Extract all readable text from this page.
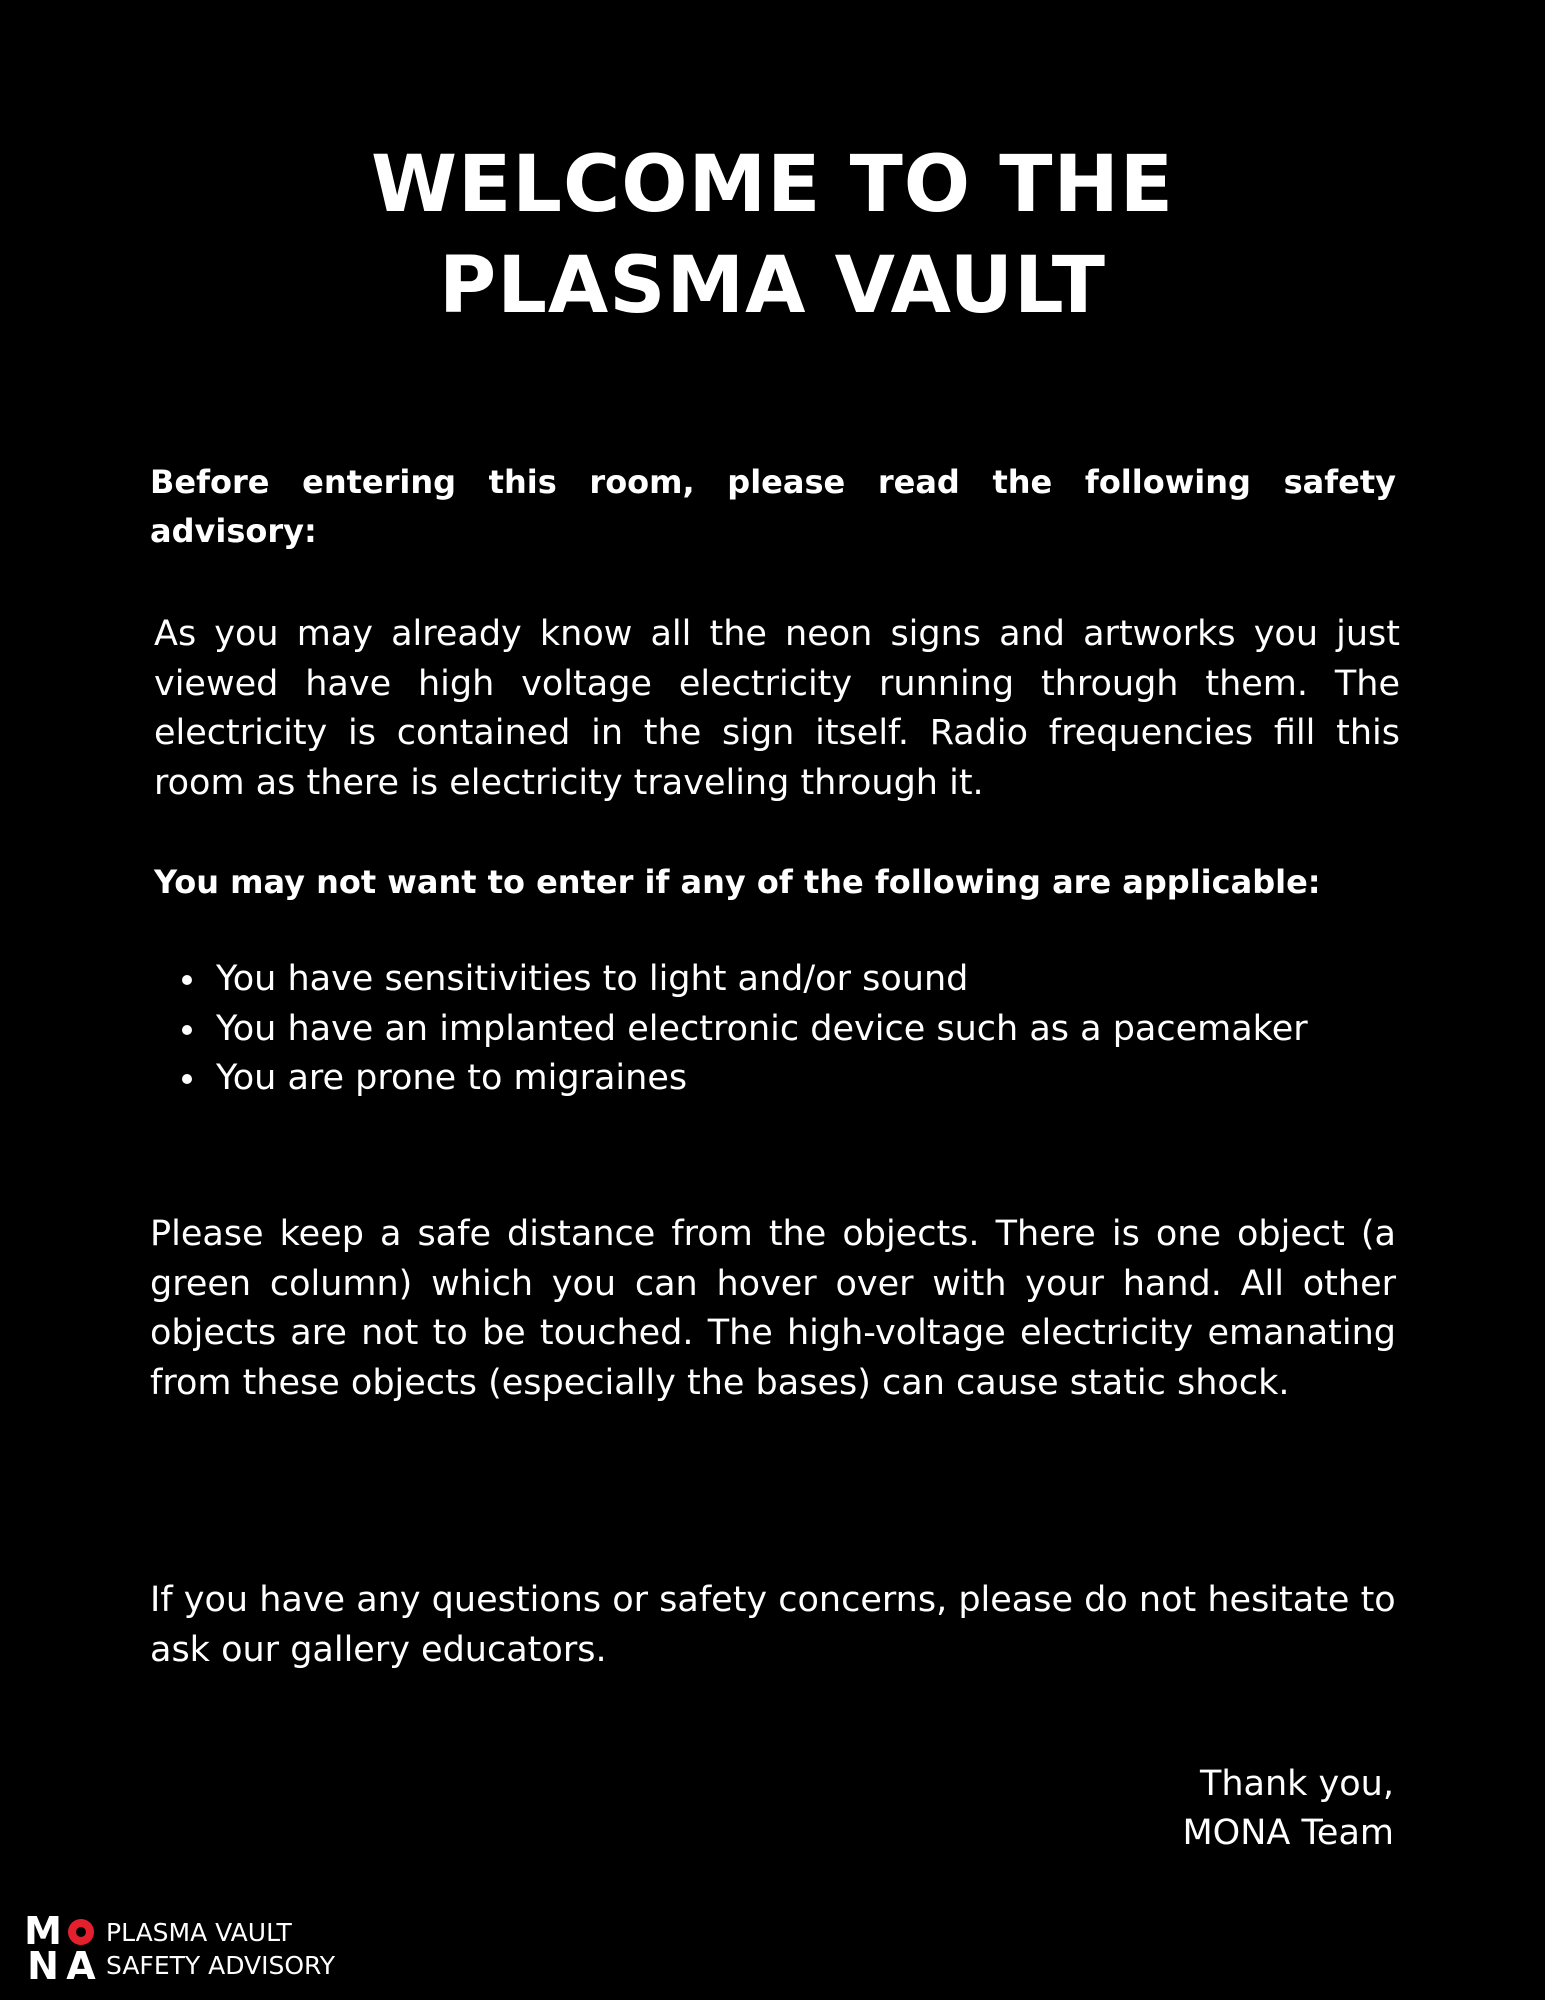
WELCOME TO THE
PLASMA VAULT

Before entering this room, please read the following safety advisory:

As you may already know all the neon signs and artworks you just viewed have high voltage electricity running through them. The electricity is contained in the sign itself. Radio frequencies fill this room as there is electricity traveling through it.

You may not want to enter if any of the following are applicable:

You have sensitivities to light and/or sound
You have an implanted electronic device such as a pacemaker
You are prone to migraines

Please keep a safe distance from the objects. There is one object (a green column) which you can hover over with your hand. All other objects are not to be touched. The high-voltage electricity emanating from these objects (especially the bases) can cause static shock.

If you have any questions or safety concerns, please do not hesitate to ask our gallery educators.

Thank you,
MONA Team

M
N A
PLASMA VAULT
SAFETY ADVISORY
